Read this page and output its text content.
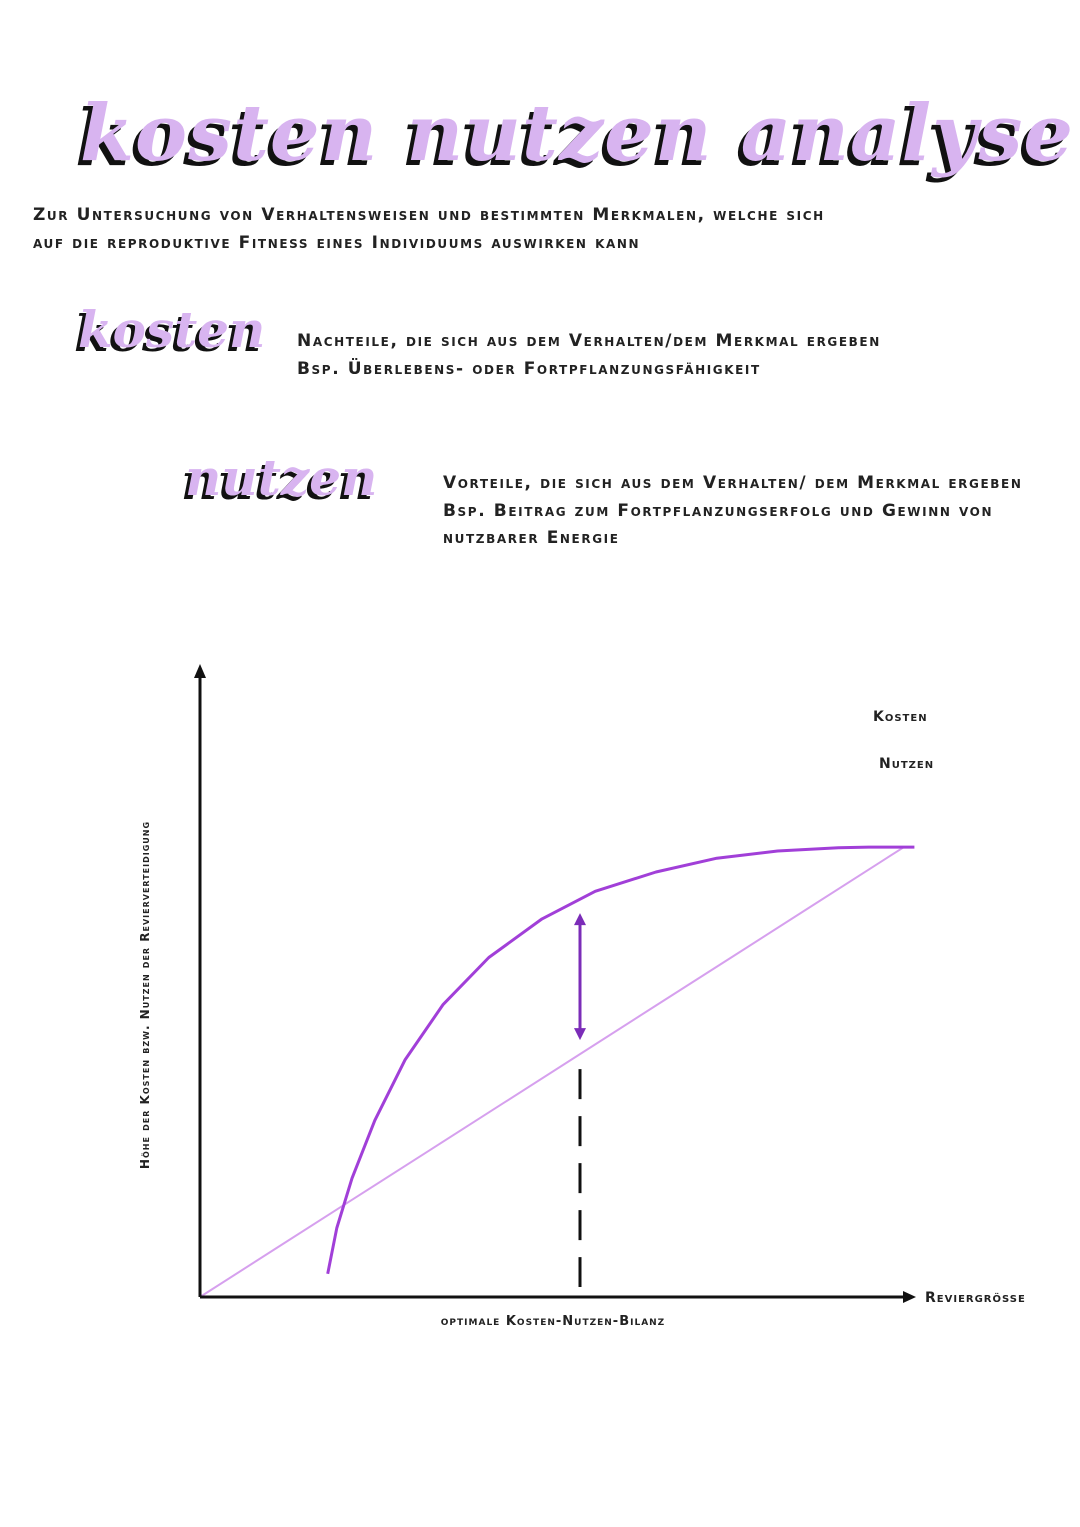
kosten nutzen analyse

Zur Untersuchung von Verhaltensweisen und bestimmten Merkmalen, welche sich auf die reproduktive Fitness eines Individuums auswirken kann

kosten Nachteile, die sich aus dem Verhalten/dem Merkmal ergeben
Bsp. Überlebens- oder Fortpflanzungsfähigkeit
nutzen	Vorteile, die sich aus dem Verhalten/ dem Merkmal ergeben
Bsp. Beitrag zum Fortpflanzungserfolg und Gewinn von nutzbarer Energie
Höhe der Kosten bzw. Nutzen der Revierverteidigung
Reviergrösse
optimale Kosten-Nutzen-Bilanz
Kosten
Nutzen
